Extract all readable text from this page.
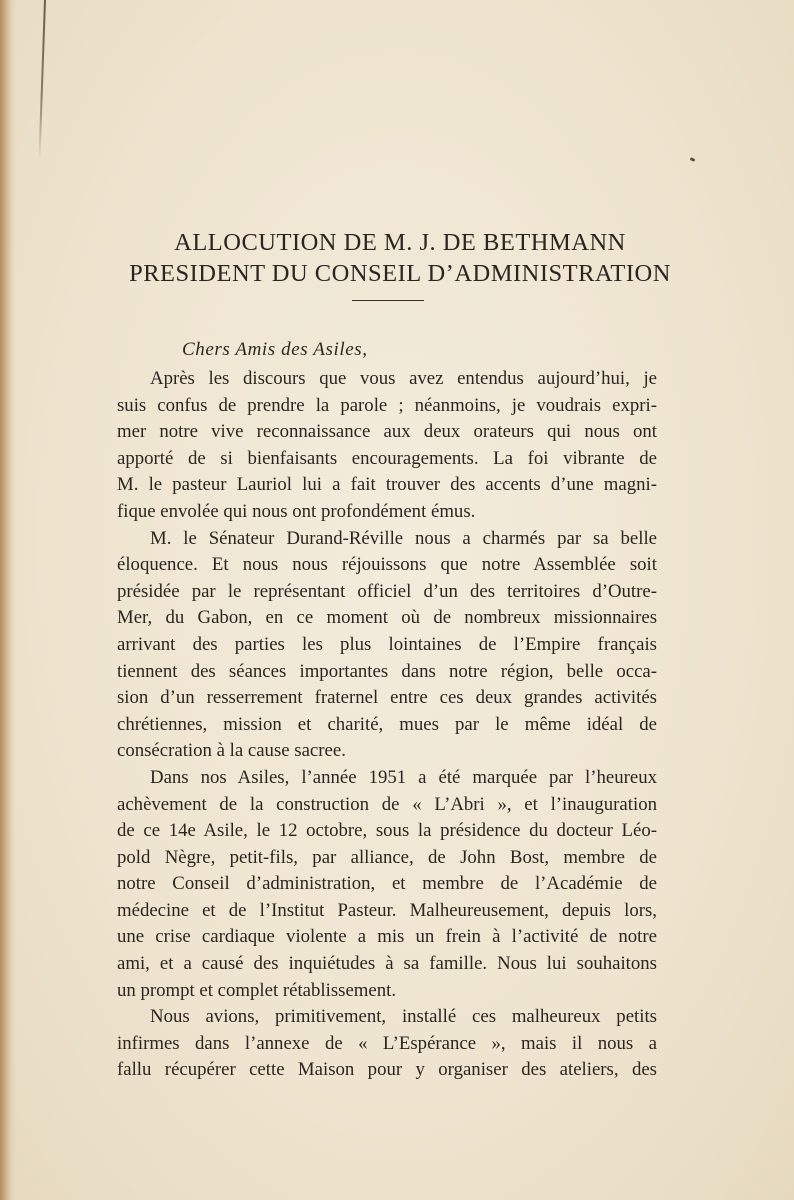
ALLOCUTION DE M. J. DE BETHMANN
PRESIDENT DU CONSEIL D’ADMINISTRATION
Chers Amis des Asiles,
Après les discours que vous avez entendus aujourd’hui, je
suis confus de prendre la parole ; néanmoins, je voudrais expri-
mer notre vive reconnaissance aux deux orateurs qui nous ont
apporté de si bienfaisants encouragements. La foi vibrante de
M. le pasteur Lauriol lui a fait trouver des accents d’une magni-
fique envolée qui nous ont profondément émus.
M. le Sénateur Durand-Réville nous a charmés par sa belle
éloquence. Et nous nous réjouissons que notre Assemblée soit
présidée par le représentant officiel d’un des territoires d’Outre-
Mer, du Gabon, en ce moment où de nombreux missionnaires
arrivant des parties les plus lointaines de l’Empire français
tiennent des séances importantes dans notre région, belle occa-
sion d’un resserrement fraternel entre ces deux grandes activités
chrétiennes, mission et charité, mues par le même idéal de
consécration à la cause sacree.
Dans nos Asiles, l’année 1951 a été marquée par l’heureux
achèvement de la construction de « L’Abri », et l’inauguration
de ce 14e Asile, le 12 octobre, sous la présidence du docteur Léo-
pold Nègre, petit-fils, par alliance, de John Bost, membre de
notre Conseil d’administration, et membre de l’Académie de
médecine et de l’Institut Pasteur. Malheureusement, depuis lors,
une crise cardiaque violente a mis un frein à l’activité de notre
ami, et a causé des inquiétudes à sa famille. Nous lui souhaitons
un prompt et complet rétablissement.
Nous avions, primitivement, installé ces malheureux petits
infirmes dans l’annexe de « L’Espérance », mais il nous a
fallu récupérer cette Maison pour y organiser des ateliers, des
